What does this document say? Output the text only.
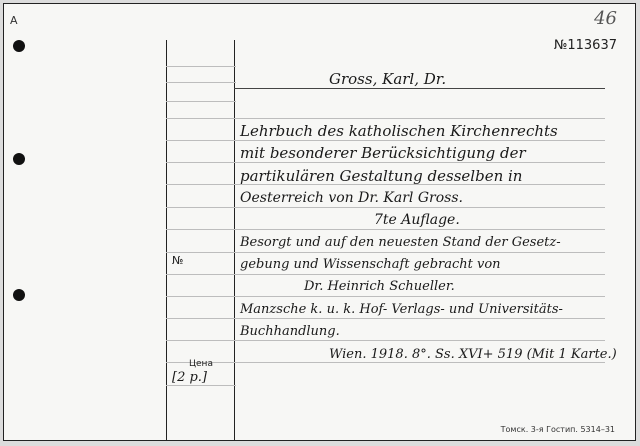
А
№
46
№113637
Gross, Karl, Dr.
Lehrbuch des katholischen Kirchenrechts
mit besonderer Berücksichtigung der
partikulären Gestaltung desselben in
Oesterreich von Dr. Karl Gross.
7te Auflage.
Besorgt und auf den neuesten Stand der Gesetz-
gebung und Wissenschaft gebracht von
Dr. Heinrich Schueller.
Manzsche k. u. k. Hof- Verlags- und Universitäts-
Buchhandlung.
Wien. 1918. 8°. Ss. XVI+ 519 (Mit 1 Karte.)
Цена
[2 р.]
Томск. 3-я Гостип. 5314–31
